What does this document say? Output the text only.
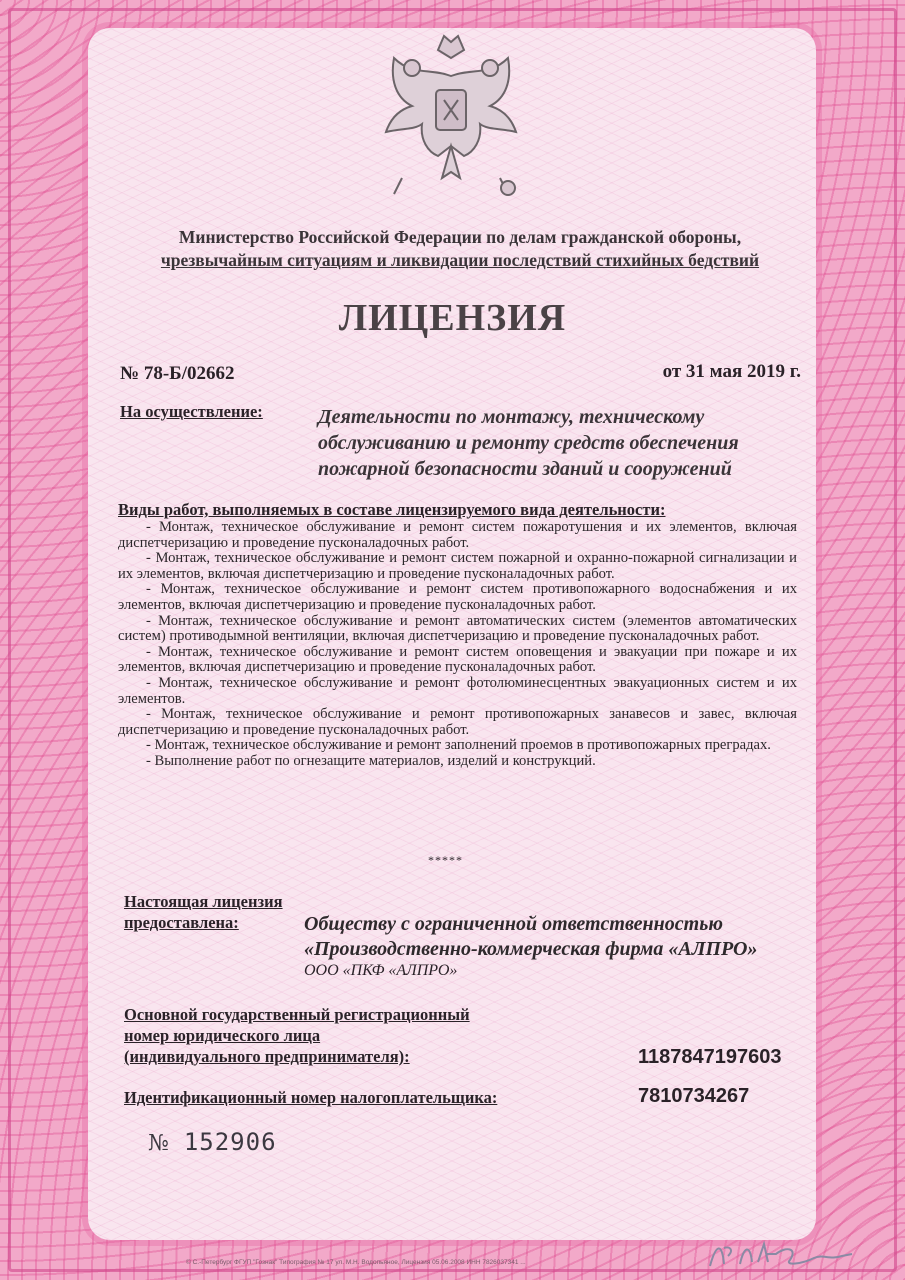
Министерство Российской Федерации по делам гражданской обороны,
чрезвычайным ситуациям и ликвидации последствий стихийных бедствий
ЛИЦЕНЗИЯ
№ 78-Б/02662	от 31 мая 2019 г.
На осуществление:	Деятельности по монтажу, техническому
обслуживанию и ремонту средств обеспечения
пожарной безопасности зданий и сооружений
Виды работ, выполняемых в составе лицензируемого вида деятельности:

- Монтаж, техническое обслуживание и ремонт систем пожаротушения и их элементов, включая диспетчеризацию и проведение пусконаладочных работ.

- Монтаж, техническое обслуживание и ремонт систем пожарной и охранно-пожарной сигнализации и их элементов, включая диспетчеризацию и проведение пусконаладочных работ.

- Монтаж, техническое обслуживание и ремонт систем противопожарного водоснабжения и их элементов, включая диспетчеризацию и проведение пусконаладочных работ.

- Монтаж, техническое обслуживание и ремонт автоматических систем (элементов автоматических систем) противодымной вентиляции, включая диспетчеризацию и проведение пусконаладочных работ.

- Монтаж, техническое обслуживание и ремонт систем оповещения и эвакуации при пожаре и их элементов, включая диспетчеризацию и проведение пусконаладочных работ.

- Монтаж, техническое обслуживание и ремонт фотолюминесцентных эвакуационных систем и их элементов.

- Монтаж, техническое обслуживание и ремонт противопожарных занавесов и завес, включая диспетчеризацию и проведение пусконаладочных работ.

- Монтаж, техническое обслуживание и ремонт заполнений проемов в противопожарных преградах.

- Выполнение работ по огнезащите материалов, изделий и конструкций.

*****
Настоящая лицензия
предоставлена:	Обществу с ограниченной ответственностью
«Производственно-коммерческая фирма «АЛПРО»
ООО «ПКФ «АЛПРО»
Основной государственный регистрационный
номер юридического лица
(индивидуального предпринимателя):	1187847197603
Идентификационный номер налогоплательщика:	7810734267
№ 152906
© С.-Петербург ФГУП "Гознак" Типография № 17 ул. М.Н. Водопьяное, Лицензия 05.06.2008 ИНН 7826037341 ...
